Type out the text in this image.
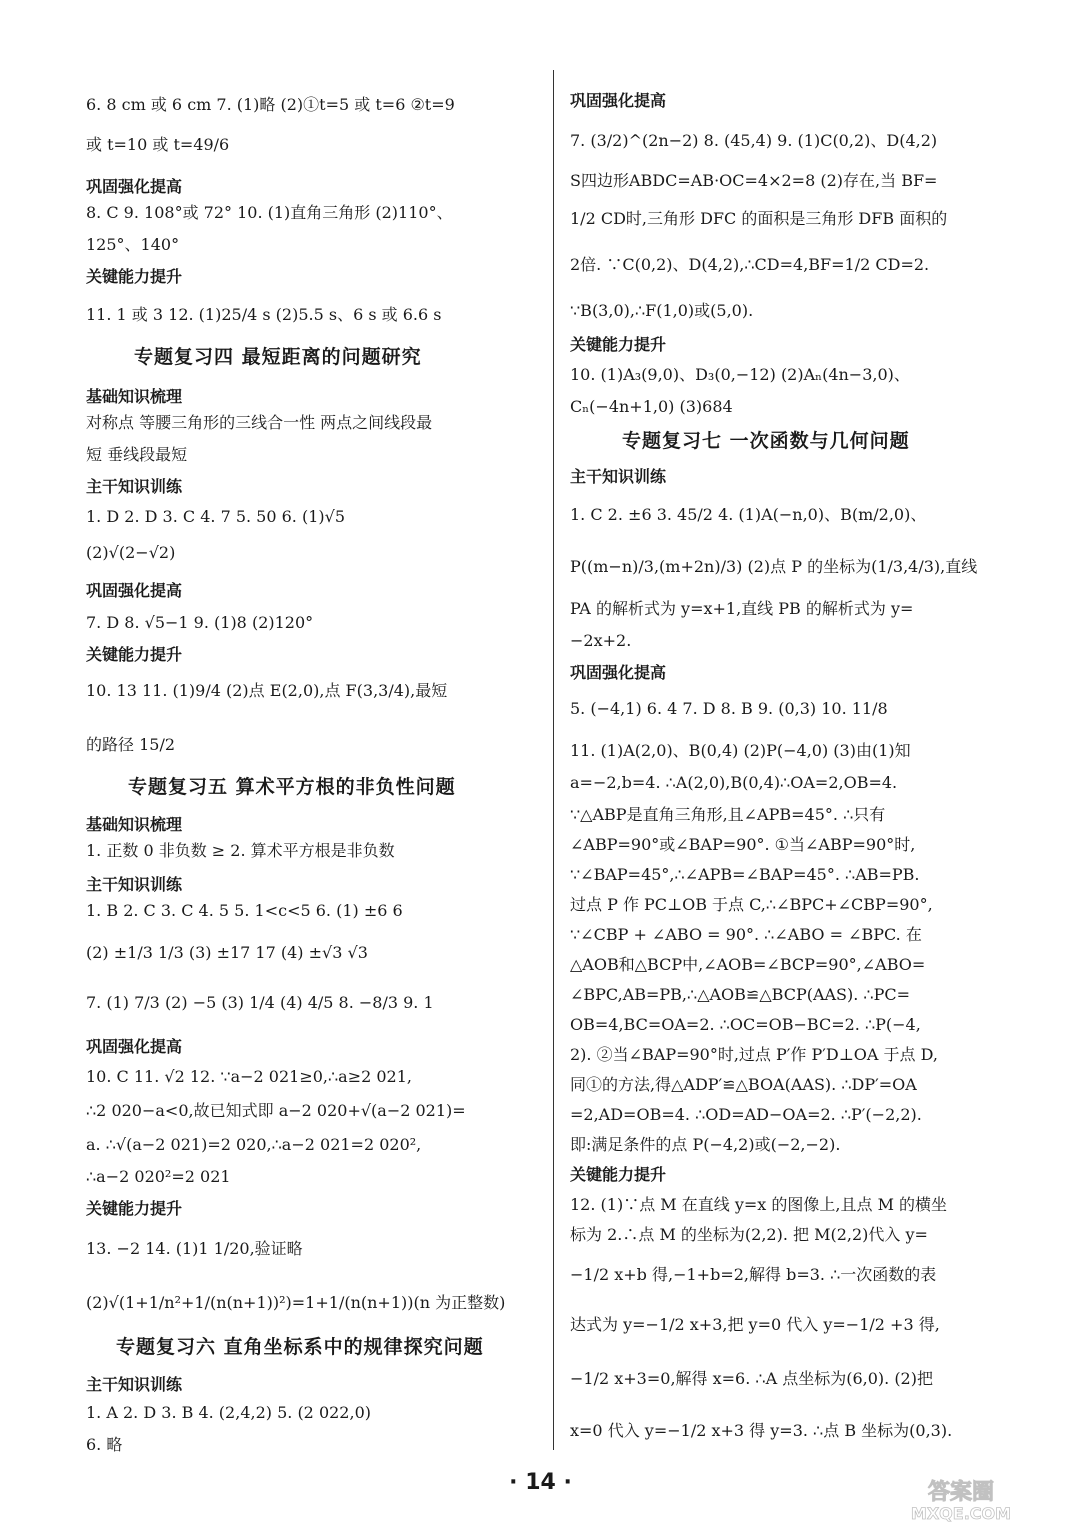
6. 8 cm 或 6 cm 7. (1)略 (2)①t=5 或 t=6 ②t=9
或 t=10 或 t=49/6
巩固强化提高
8. C 9. 108°或 72° 10. (1)直角三角形 (2)110°、
125°、140°
关键能力提升
11. 1 或 3 12. (1)25/4 s (2)5.5 s、6 s 或 6.6 s
专题复习四 最短距离的问题研究
基础知识梳理
对称点 等腰三角形的三线合一性 两点之间线段最
短 垂线段最短
主干知识训练
1. D 2. D 3. C 4. 7 5. 50 6. (1)√5
(2)√(2−√2)
巩固强化提高
7. D 8. √5−1 9. (1)8 (2)120°
关键能力提升
10. 13 11. (1)9/4 (2)点 E(2,0),点 F(3,3/4),最短
的路径 15/2
专题复习五 算术平方根的非负性问题
基础知识梳理
1. 正数 0 非负数 ≥ 2. 算术平方根是非负数
主干知识训练
1. B 2. C 3. C 4. 5 5. 1<c<5 6. (1) ±6 6
(2) ±1/3 1/3 (3) ±17 17 (4) ±√3 √3
7. (1) 7/3 (2) −5 (3) 1/4 (4) 4/5 8. −8/3 9. 1
巩固强化提高
10. C 11. √2 12. ∵a−2 021≥0,∴a≥2 021,
∴2 020−a<0,故已知式即 a−2 020+√(a−2 021)=
a. ∴√(a−2 021)=2 020,∴a−2 021=2 020²,
∴a−2 020²=2 021
关键能力提升
13. −2 14. (1)1 1/20,验证略
(2)√(1+1/n²+1/(n(n+1))²)=1+1/(n(n+1))(n 为正整数)
专题复习六 直角坐标系中的规律探究问题
主干知识训练
1. A 2. D 3. B 4. (2,4,2) 5. (2 022,0)
6. 略
巩固强化提高
7. (3/2)^(2n−2) 8. (45,4) 9. (1)C(0,2)、D(4,2)
S四边形ABDC=AB·OC=4×2=8 (2)存在,当 BF=
1/2 CD时,三角形 DFC 的面积是三角形 DFB 面积的
2倍. ∵C(0,2)、D(4,2),∴CD=4,BF=1/2 CD=2.
∵B(3,0),∴F(1,0)或(5,0).
关键能力提升
10. (1)A₃(9,0)、D₃(0,−12) (2)Aₙ(4n−3,0)、
Cₙ(−4n+1,0) (3)684
专题复习七 一次函数与几何问题
主干知识训练
1. C 2. ±6 3. 45/2 4. (1)A(−n,0)、B(m/2,0)、
P((m−n)/3,(m+2n)/3) (2)点 P 的坐标为(1/3,4/3),直线
PA 的解析式为 y=x+1,直线 PB 的解析式为 y=
−2x+2.
巩固强化提高
5. (−4,1) 6. 4 7. D 8. B 9. (0,3) 10. 11/8
11. (1)A(2,0)、B(0,4) (2)P(−4,0) (3)由(1)知
a=−2,b=4. ∴A(2,0),B(0,4)∴OA=2,OB=4.
∵△ABP是直角三角形,且∠APB=45°. ∴只有
∠ABP=90°或∠BAP=90°. ①当∠ABP=90°时,
∵∠BAP=45°,∴∠APB=∠BAP=45°. ∴AB=PB.
过点 P 作 PC⊥OB 于点 C,∴∠BPC+∠CBP=90°,
∵∠CBP + ∠ABO = 90°. ∴∠ABO = ∠BPC. 在
△AOB和△BCP中,∠AOB=∠BCP=90°,∠ABO=
∠BPC,AB=PB,∴△AOB≌△BCP(AAS). ∴PC=
OB=4,BC=OA=2. ∴OC=OB−BC=2. ∴P(−4,
2). ②当∠BAP=90°时,过点 P′作 P′D⊥OA 于点 D,
同①的方法,得△ADP′≌△BOA(AAS). ∴DP′=OA
=2,AD=OB=4. ∴OD=AD−OA=2. ∴P′(−2,2).
即:满足条件的点 P(−4,2)或(−2,−2).
关键能力提升
12. (1)∵点 M 在直线 y=x 的图像上,且点 M 的横坐
标为 2.∴点 M 的坐标为(2,2). 把 M(2,2)代入 y=
−1/2 x+b 得,−1+b=2,解得 b=3. ∴一次函数的表
达式为 y=−1/2 x+3,把 y=0 代入 y=−1/2 +3 得,
−1/2 x+3=0,解得 x=6. ∴A 点坐标为(6,0). (2)把
x=0 代入 y=−1/2 x+3 得 y=3. ∴点 B 坐标为(0,3).
· 14 ·	答案圈
MXQE.COM
